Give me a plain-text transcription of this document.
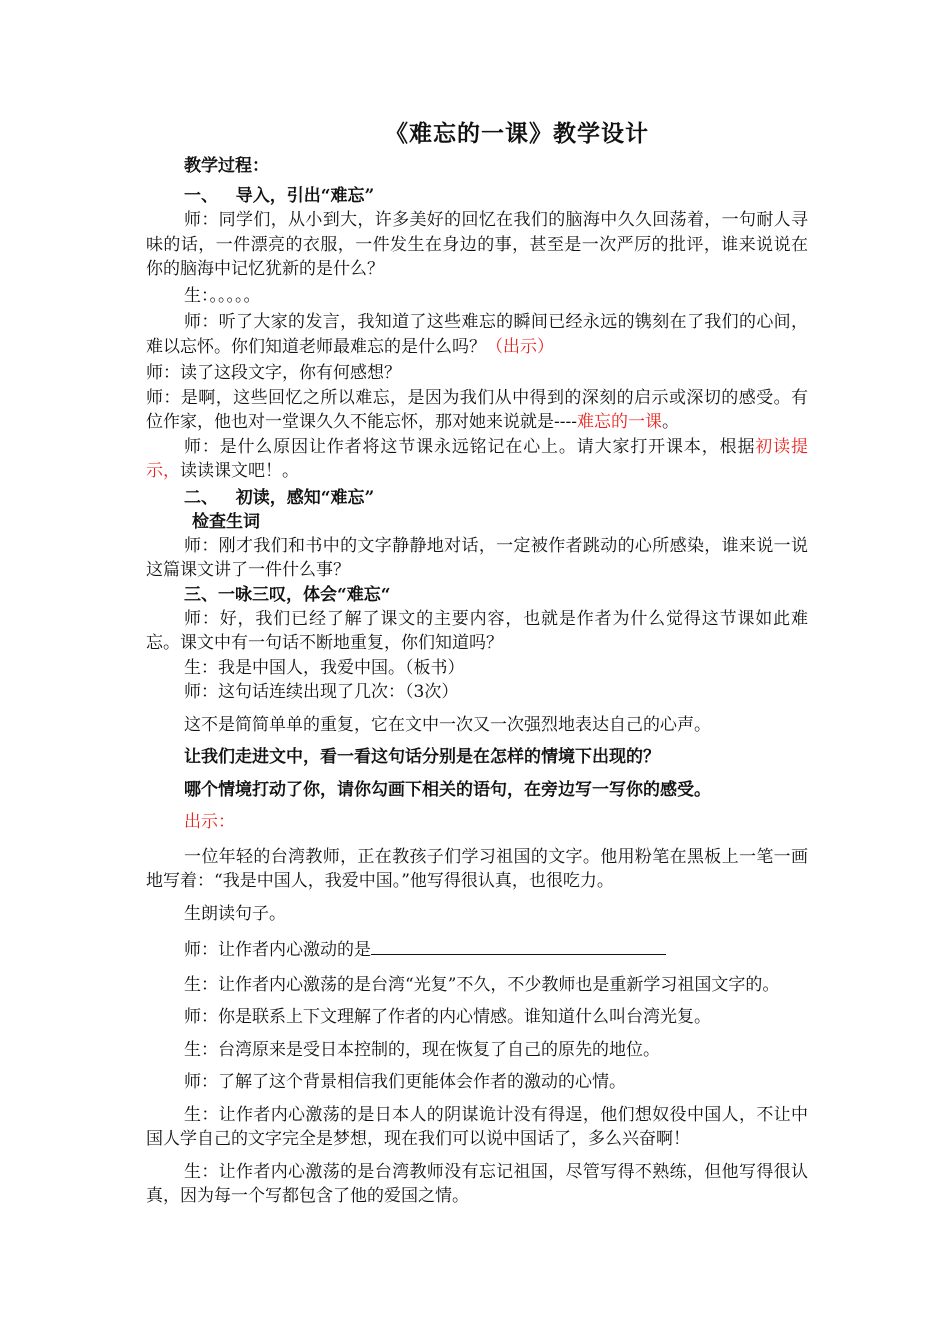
《难忘的一课》教学设计
教学过程：
一、   导入，引出“难忘”
师：同学们，从小到大，许多美好的回忆在我们的脑海中久久回荡着，一句耐人寻味的话，一件漂亮的衣服，一件发生在身边的事，甚至是一次严厉的批评，谁来说说在你的脑海中记忆犹新的是什么？
生：。。。。。
师：听了大家的发言，我知道了这些难忘的瞬间已经永远的镌刻在了我们的心间，难以忘怀。你们知道老师最难忘的是什么吗？（出示）
师：读了这段文字，你有何感想？
师：是啊，这些回忆之所以难忘，是因为我们从中得到的深刻的启示或深切的感受。有位作家，他也对一堂课久久不能忘怀，那对她来说就是----难忘的一课。
师：是什么原因让作者将这节课永远铭记在心上。请大家打开课本，根据初读提示，读读课文吧！。
二、   初读，感知“难忘”
检查生词
师：刚才我们和书中的文字静静地对话，一定被作者跳动的心所感染，谁来说一说这篇课文讲了一件什么事？
三、一咏三叹，体会“难忘“
师：好，我们已经了解了课文的主要内容，也就是作者为什么觉得这节课如此难忘。课文中有一句话不断地重复，你们知道吗？
生：我是中国人，我爱中国。（板书）
师：这句话连续出现了几次：（3次）
这不是简简单单的重复，它在文中一次又一次强烈地表达自己的心声。
让我们走进文中，看一看这句话分别是在怎样的情境下出现的？
哪个情境打动了你，请你勾画下相关的语句，在旁边写一写你的感受。
出示：
一位年轻的台湾教师，正在教孩子们学习祖国的文字。他用粉笔在黑板上一笔一画地写着：“我是中国人，我爱中国。”他写得很认真，也很吃力。
生朗读句子。
师：让作者内心激动的是
生：让作者内心激荡的是台湾“光复”不久，不少教师也是重新学习祖国文字的。
师：你是联系上下文理解了作者的内心情感。谁知道什么叫台湾光复。
生：台湾原来是受日本控制的，现在恢复了自己的原先的地位。
师：了解了这个背景相信我们更能体会作者的激动的心情。
生：让作者内心激荡的是日本人的阴谋诡计没有得逞，他们想奴役中国人，不让中国人学自己的文字完全是梦想，现在我们可以说中国话了，多么兴奋啊！
生：让作者内心激荡的是台湾教师没有忘记祖国，尽管写得不熟练，但他写得很认真，因为每一个写都包含了他的爱国之情。
